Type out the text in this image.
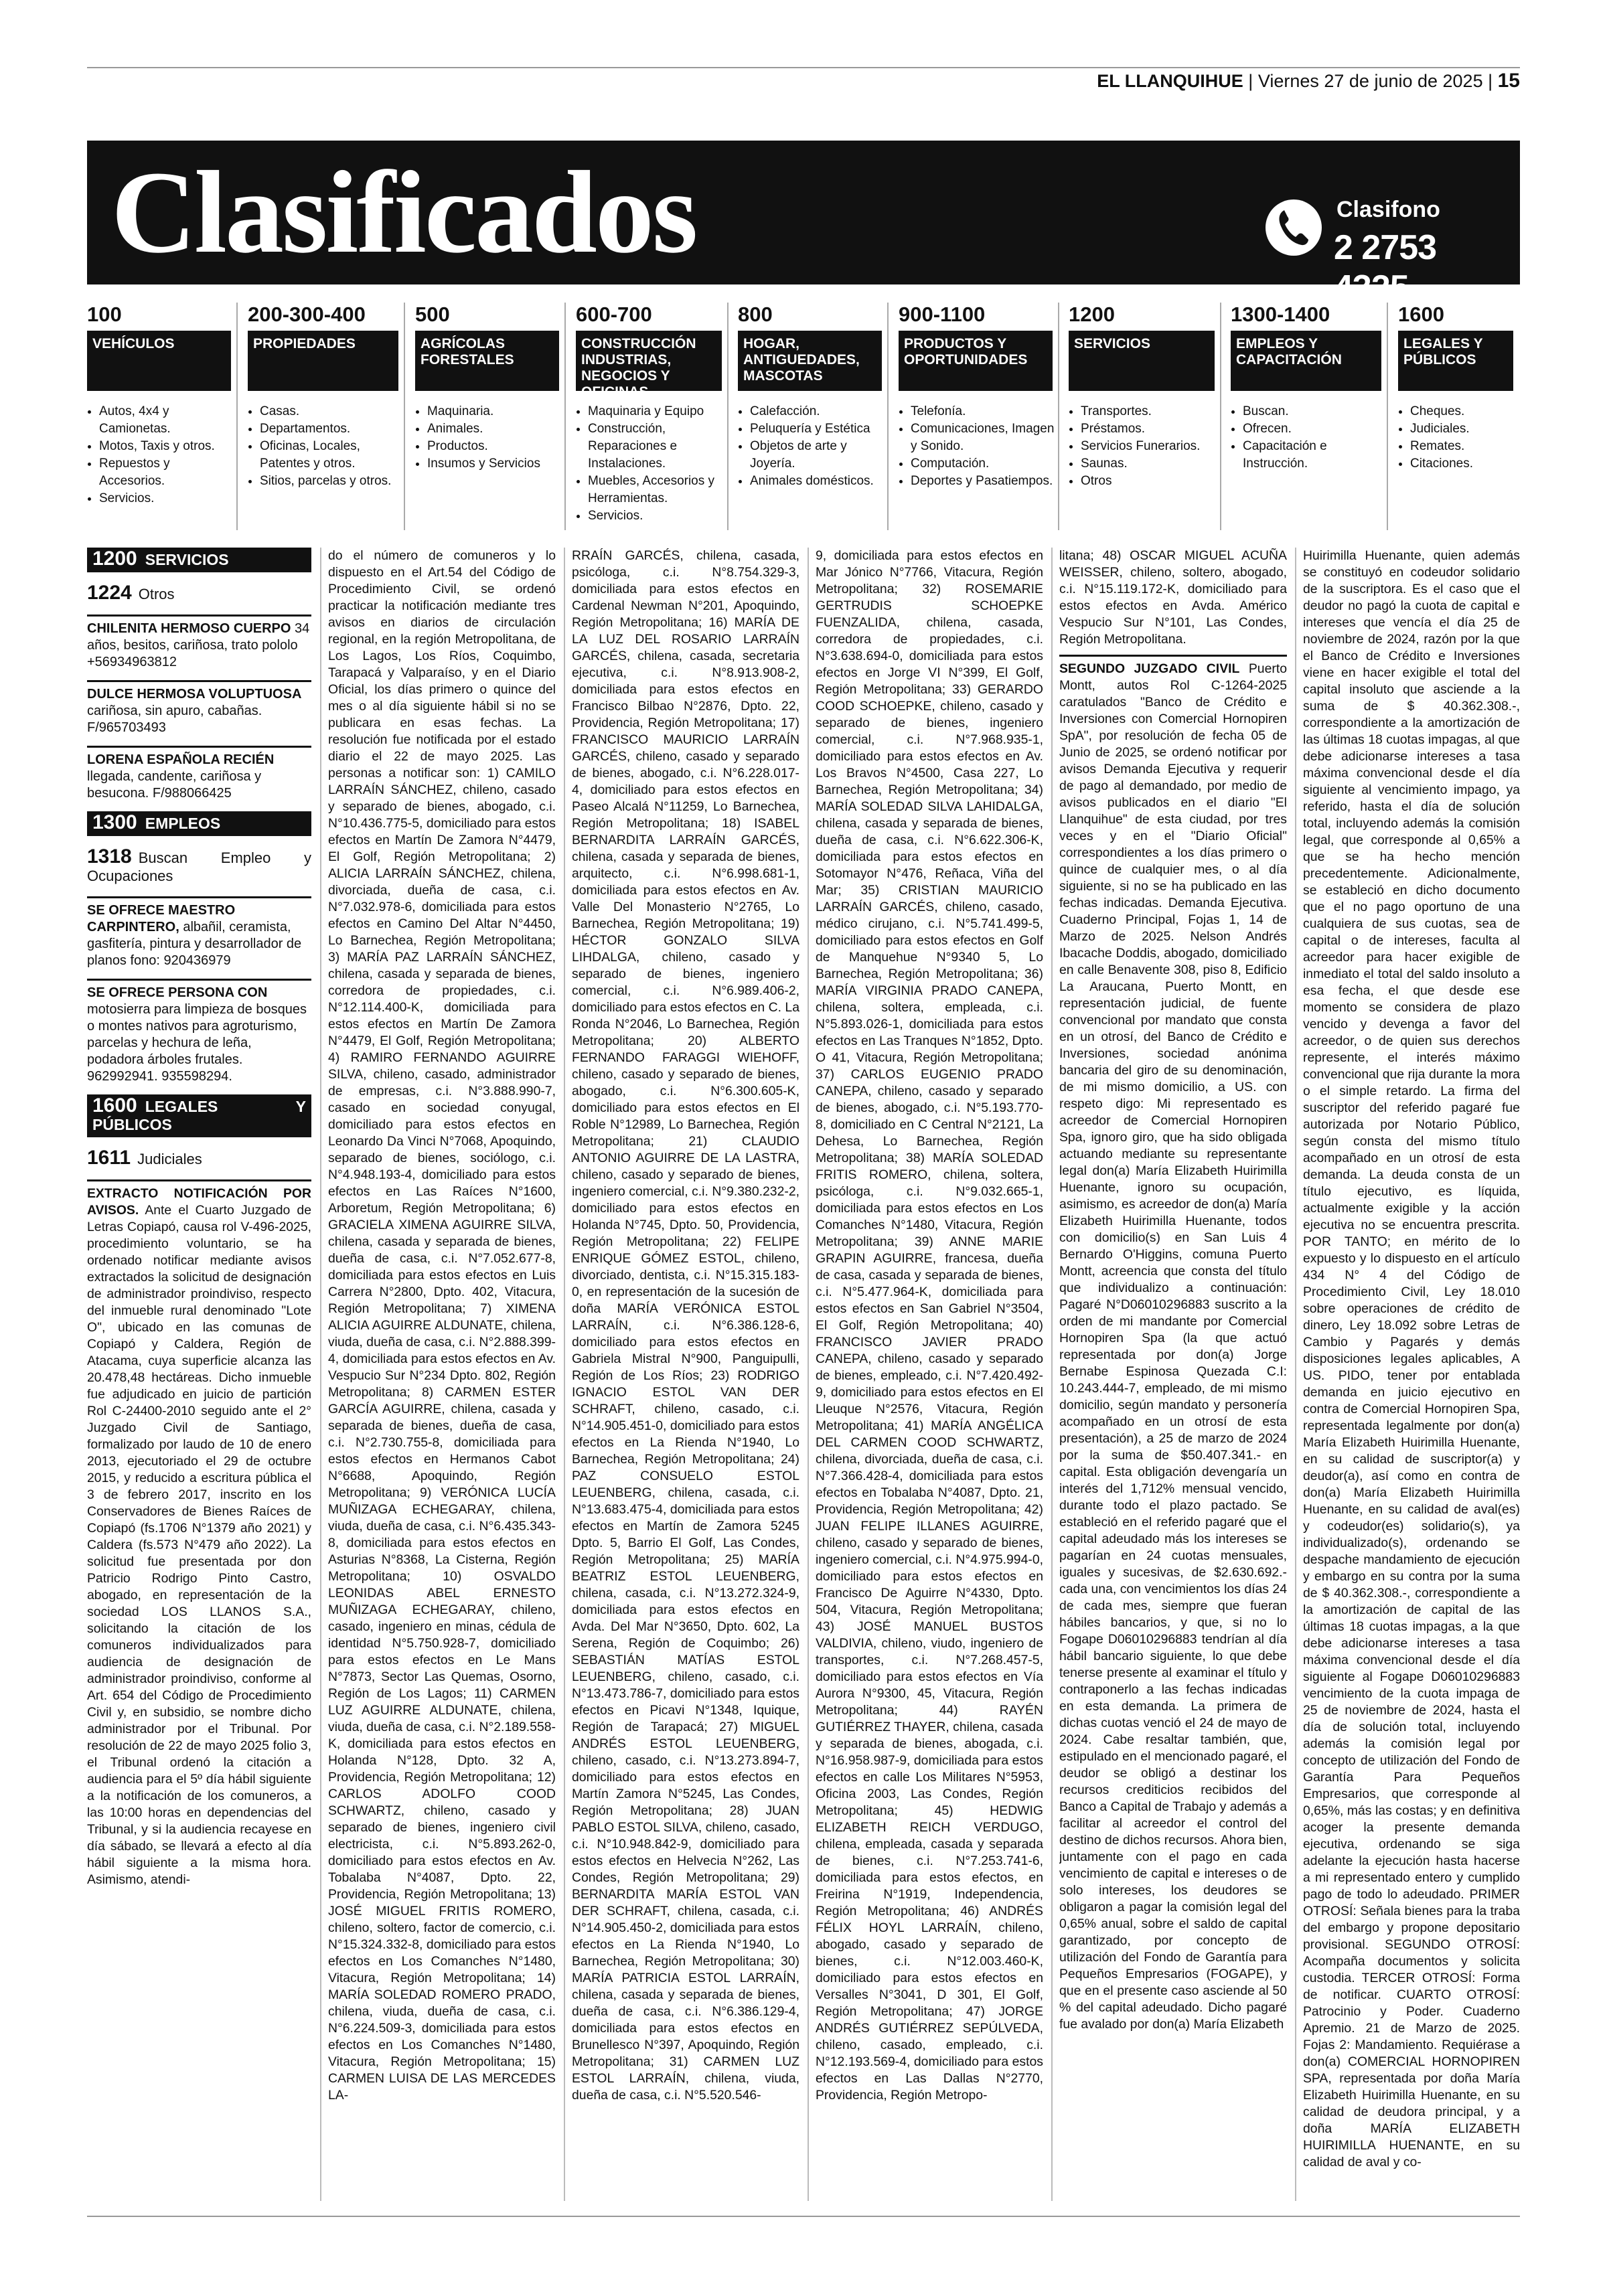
EL LLANQUIHUE | Viernes 27 de junio de 2025 | 15
Clasificados	Clasifono
2 2753 4325
100
VEHÍCULOS
• Autos, 4x4 y Camionetas.
• Motos, Taxis y otros.
• Repuestos y Accesorios.
• Servicios.
200-300-400
PROPIEDADES
• Casas.
• Departamentos.
• Oficinas, Locales, Patentes y otros.
• Sitios, parcelas y otros.
500
AGRÍCOLAS FORESTALES
• Maquinaria.
• Animales.
• Productos.
• Insumos y Servicios
600-700
CONSTRUCCIÓN INDUSTRIAS, NEGOCIOS Y OFICINAS
• Maquinaria y Equipo
• Construcción, Reparaciones e Instalaciones.
• Muebles, Accesorios y Herramientas.
• Servicios.
800
HOGAR, ANTIGUEDADES, MASCOTAS
• Calefacción.
• Peluquería y Estética
• Objetos de arte y Joyería.
• Animales domésticos.
900-1100
PRODUCTOS Y OPORTUNIDADES
• Telefonía.
• Comunicaciones, Imagen y Sonido.
• Computación.
• Deportes y Pasatiempos.
1200
SERVICIOS
• Transportes.
• Préstamos.
• Servicios Funerarios.
• Saunas.
• Otros
1300-1400
EMPLEOS Y CAPACITACIÓN
• Buscan.
• Ofrecen.
• Capacitación e Instrucción.
1600
LEGALES Y PÚBLICOS
• Cheques.
• Judiciales.
• Remates.
• Citaciones.
1200 SERVICIOS
1224 Otros
CHILENITA HERMOSO CUERPO 34 años, besitos, cariñosa, trato pololo +56934963812
DULCE HERMOSA VOLUPTUOSA cariñosa, sin apuro, cabañas. F/965703493
LORENA ESPAÑOLA RECIÉN llegada, candente, cariñosa y besucona. F/988066425
1300 EMPLEOS
1318 Buscan Empleo y Ocupaciones
SE OFRECE MAESTRO CARPINTERO, albañil, ceramista, gasfitería, pintura y desarrollador de planos fono: 920436979
SE OFRECE PERSONA CON motosierra para limpieza de bosques o montes nativos para agroturismo, parcelas y hechura de leña, podadora árboles frutales. 962992941. 935598294.
1600 LEGALES Y PÚBLICOS
1611 Judiciales
EXTRACTO NOTIFICACIÓN POR AVISOS. Ante el Cuarto Juzgado de Letras Copiapó, causa rol V-496-2025, procedimiento voluntario, se ha ordenado notificar mediante avisos extractados la solicitud de designación de administrador proindiviso, respecto del inmueble rural denominado "Lote O", ubicado en las comunas de Copiapó y Caldera, Región de Atacama, cuya superficie alcanza las 20.478,48 hectáreas. Dicho inmueble fue adjudicado en juicio de partición Rol C-24400-2010 seguido ante el 2° Juzgado Civil de Santiago, formalizado por laudo de 10 de enero 2013, ejecutoriado el 29 de octubre 2015, y reducido a escritura pública el 3 de febrero 2017, inscrito en los Conservadores de Bienes Raíces de Copiapó (fs.1706 N°1379 año 2021) y Caldera (fs.573 N°479 año 2022). La solicitud fue presentada por don Patricio Rodrigo Pinto Castro, abogado, en representación de la sociedad LOS LLANOS S.A., solicitando la citación de los comuneros individualizados para audiencia de designación de administrador proindiviso, conforme al Art. 654 del Código de Procedimiento Civil y, en subsidio, se nombre dicho administrador por el Tribunal. Por resolución de 22 de mayo 2025 folio 3, el Tribunal ordenó la citación a audiencia para el 5º día hábil siguiente a la notificación de los comuneros, a las 10:00 horas en dependencias del Tribunal, y si la audiencia recayese en día sábado, se llevará a efecto al día hábil siguiente a la misma hora. Asimismo, atendi-

do el número de comuneros y lo dispuesto en el Art.54 del Código de Procedimiento Civil, se ordenó practicar la notificación mediante tres avisos en diarios de circulación regional, en la región Metropolitana, de Los Lagos, Los Ríos, Coquimbo, Tarapacá y Valparaíso, y en el Diario Oficial, los días primero o quince del mes o al día siguiente hábil si no se publicara en esas fechas. La resolución fue notificada por el estado diario el 22 de mayo 2025. Las personas a notificar son: 1) CAMILO LARRAÍN SÁNCHEZ, chileno, casado y separado de bienes, abogado, c.i. N°10.436.775-5, domiciliado para estos efectos en Martín De Zamora N°4479, El Golf, Región Metropolitana; 2) ALICIA LARRAÍN SÁNCHEZ, chilena, divorciada, dueña de casa, c.i. N°7.032.978-6, domiciliada para estos efectos en Camino Del Altar N°4450, Lo Barnechea, Región Metropolitana; 3) MARÍA PAZ LARRAÍN SÁNCHEZ, chilena, casada y separada de bienes, corredora de propiedades, c.i. N°12.114.400-K, domiciliada para estos efectos en Martín De Zamora N°4479, El Golf, Región Metropolitana; 4) RAMIRO FERNANDO AGUIRRE SILVA, chileno, casado, administrador de empresas, c.i. N°3.888.990-7, casado en sociedad conyugal, domiciliado para estos efectos en Leonardo Da Vinci N°7068, Apoquindo, separado de bienes, sociólogo, c.i. N°4.948.193-4, domiciliado para estos efectos en Las Raíces N°1600, Arboretum, Región Metropolitana; 6) GRACIELA XIMENA AGUIRRE SILVA, chilena, casada y separada de bienes, dueña de casa, c.i. N°7.052.677-8, domiciliada para estos efectos en Luis Carrera N°2800, Dpto. 402, Vitacura, Región Metropolitana; 7) XIMENA ALICIA AGUIRRE ALDUNATE, chilena, viuda, dueña de casa, c.i. N°2.888.399-4, domiciliada para estos efectos en Av. Vespucio Sur N°234 Dpto. 802, Región Metropolitana; 8) CARMEN ESTER GARCÍA AGUIRRE, chilena, casada y separada de bienes, dueña de casa, c.i. N°2.730.755-8, domiciliada para estos efectos en Hermanos Cabot N°6688, Apoquindo, Región Metropolitana; 9) VERÓNICA LUCÍA MUÑIZAGA ECHEGARAY, chilena, viuda, dueña de casa, c.i. N°6.435.343-8, domiciliada para estos efectos en Asturias N°8368, La Cisterna, Región Metropolitana; 10) OSVALDO LEONIDAS ABEL ERNESTO MUÑIZAGA ECHEGARAY, chileno, casado, ingeniero en minas, cédula de identidad N°5.750.928-7, domiciliado para estos efectos en Le Mans N°7873, Sector Las Quemas, Osorno, Región de Los Lagos; 11) CARMEN LUZ AGUIRRE ALDUNATE, chilena, viuda, dueña de casa, c.i. N°2.189.558-K, domiciliada para estos efectos en Holanda N°128, Dpto. 32 A, Providencia, Región Metropolitana; 12) CARLOS ADOLFO COOD SCHWARTZ, chileno, casado y separado de bienes, ingeniero civil electricista, c.i. N°5.893.262-0, domiciliado para estos efectos en Av. Tobalaba N°4087, Dpto. 22, Providencia, Región Metropolitana; 13) JOSÉ MIGUEL FRITIS ROMERO, chileno, soltero, factor de comercio, c.i. N°15.324.332-8, domiciliado para estos efectos en Los Comanches N°1480, Vitacura, Región Metropolitana; 14) MARÍA SOLEDAD ROMERO PRADO, chilena, viuda, dueña de casa, c.i. N°6.224.509-3, domiciliada para estos efectos en Los Comanches N°1480, Vitacura, Región Metropolitana; 15) CARMEN LUISA DE LAS MERCEDES LA-

RRAÍN GARCÉS, chilena, casada, psicóloga, c.i. N°8.754.329-3, domiciliada para estos efectos en Cardenal Newman N°201, Apoquindo, Región Metropolitana; 16) MARÍA DE LA LUZ DEL ROSARIO LARRAÍN GARCÉS, chilena, casada, secretaria ejecutiva, c.i. N°8.913.908-2, domiciliada para estos efectos en Francisco Bilbao N°2876, Dpto. 22, Providencia, Región Metropolitana; 17) FRANCISCO MAURICIO LARRAÍN GARCÉS, chileno, casado y separado de bienes, abogado, c.i. N°6.228.017-4, domiciliado para estos efectos en Paseo Alcalá N°11259, Lo Barnechea, Región Metropolitana; 18) ISABEL BERNARDITA LARRAÍN GARCÉS, chilena, casada y separada de bienes, arquitecto, c.i. N°6.998.681-1, domiciliada para estos efectos en Av. Valle Del Monasterio N°2765, Lo Barnechea, Región Metropolitana; 19) HÉCTOR GONZALO SILVA LIHDALGA, chileno, casado y separado de bienes, ingeniero comercial, c.i. N°6.989.406-2, domiciliado para estos efectos en C. La Ronda N°2046, Lo Barnechea, Región Metropolitana; 20) ALBERTO FERNANDO FARAGGI WIEHOFF, chileno, casado y separado de bienes, abogado, c.i. N°6.300.605-K, domiciliado para estos efectos en El Roble N°12989, Lo Barnechea, Región Metropolitana; 21) CLAUDIO ANTONIO AGUIRRE DE LA LASTRA, chileno, casado y separado de bienes, ingeniero comercial, c.i. N°9.380.232-2, domiciliado para estos efectos en Holanda N°745, Dpto. 50, Providencia, Región Metropolitana; 22) FELIPE ENRIQUE GÓMEZ ESTOL, chileno, divorciado, dentista, c.i. N°15.315.183-0, en representación de la sucesión de doña MARÍA VERÓNICA ESTOL LARRAÍN, c.i. N°6.386.128-6, domiciliado para estos efectos en Gabriela Mistral N°900, Panguipulli, Región de Los Ríos; 23) RODRIGO IGNACIO ESTOL VAN DER SCHRAFT, chileno, casado, c.i. N°14.905.451-0, domiciliado para estos efectos en La Rienda N°1940, Lo Barnechea, Región Metropolitana; 24) PAZ CONSUELO ESTOL LEUENBERG, chilena, casada, c.i. N°13.683.475-4, domiciliada para estos efectos en Martín de Zamora 5245 Dpto. 5, Barrio El Golf, Las Condes, Región Metropolitana; 25) MARÍA BEATRIZ ESTOL LEUENBERG, chilena, casada, c.i. N°13.272.324-9, domiciliada para estos efectos en Avda. Del Mar N°3650, Dpto. 602, La Serena, Región de Coquimbo; 26) SEBASTIÁN MATÍAS ESTOL LEUENBERG, chileno, casado, c.i. N°13.473.786-7, domiciliado para estos efectos en Picavi N°1348, Iquique, Región de Tarapacá; 27) MIGUEL ANDRÉS ESTOL LEUENBERG, chileno, casado, c.i. N°13.273.894-7, domiciliado para estos efectos en Martín Zamora N°5245, Las Condes, Región Metropolitana; 28) JUAN PABLO ESTOL SILVA, chileno, casado, c.i. N°10.948.842-9, domiciliado para estos efectos en Helvecia N°262, Las Condes, Región Metropolitana; 29) BERNARDITA MARÍA ESTOL VAN DER SCHRAFT, chilena, casada, c.i. N°14.905.450-2, domiciliada para estos efectos en La Rienda N°1940, Lo Barnechea, Región Metropolitana; 30) MARÍA PATRICIA ESTOL LARRAÍN, chilena, casada y separada de bienes, dueña de casa, c.i. N°6.386.129-4, domiciliada para estos efectos en Brunellesco N°397, Apoquindo, Región Metropolitana; 31) CARMEN LUZ ESTOL LARRAÍN, chilena, viuda, dueña de casa, c.i. N°5.520.546-

9, domiciliada para estos efectos en Mar Jónico N°7766, Vitacura, Región Metropolitana; 32) ROSEMARIE GERTRUDIS SCHOEPKE FUENZALIDA, chilena, casada, corredora de propiedades, c.i. N°3.638.694-0, domiciliada para estos efectos en Jorge VI N°399, El Golf, Región Metropolitana; 33) GERARDO COOD SCHOEPKE, chileno, casado y separado de bienes, ingeniero comercial, c.i. N°7.968.935-1, domiciliado para estos efectos en Av. Los Bravos N°4500, Casa 227, Lo Barnechea, Región Metropolitana; 34) MARÍA SOLEDAD SILVA LAHIDALGA, chilena, casada y separada de bienes, dueña de casa, c.i. N°6.622.306-K, domiciliada para estos efectos en Sotomayor N°476, Reñaca, Viña del Mar; 35) CRISTIAN MAURICIO LARRAÍN GARCÉS, chileno, casado, médico cirujano, c.i. N°5.741.499-5, domiciliado para estos efectos en Golf de Manquehue N°9340 5, Lo Barnechea, Región Metropolitana; 36) MARÍA VIRGINIA PRADO CANEPA, chilena, soltera, empleada, c.i. N°5.893.026-1, domiciliada para estos efectos en Las Tranques N°1852, Dpto. O 41, Vitacura, Región Metropolitana; 37) CARLOS EUGENIO PRADO CANEPA, chileno, casado y separado de bienes, abogado, c.i. N°5.193.770-8, domiciliado en C Central N°2121, La Dehesa, Lo Barnechea, Región Metropolitana; 38) MARÍA SOLEDAD FRITIS ROMERO, chilena, soltera, psicóloga, c.i. N°9.032.665-1, domiciliada para estos efectos en Los Comanches N°1480, Vitacura, Región Metropolitana; 39) ANNE MARIE GRAPIN AGUIRRE, francesa, dueña de casa, casada y separada de bienes, c.i. N°5.477.964-K, domiciliada para estos efectos en San Gabriel N°3504, El Golf, Región Metropolitana; 40) FRANCISCO JAVIER PRADO CANEPA, chileno, casado y separado de bienes, empleado, c.i. N°7.420.492-9, domiciliado para estos efectos en El Lleuque N°2576, Vitacura, Región Metropolitana; 41) MARÍA ANGÉLICA DEL CARMEN COOD SCHWARTZ, chilena, divorciada, dueña de casa, c.i. N°7.366.428-4, domiciliada para estos efectos en Tobalaba N°4087, Dpto. 21, Providencia, Región Metropolitana; 42) JUAN FELIPE ILLANES AGUIRRE, chileno, casado y separado de bienes, ingeniero comercial, c.i. N°4.975.994-0, domiciliado para estos efectos en Francisco De Aguirre N°4330, Dpto. 504, Vitacura, Región Metropolitana; 43) JOSÉ MANUEL BUSTOS VALDIVIA, chileno, viudo, ingeniero de transportes, c.i. N°7.268.457-5, domiciliado para estos efectos en Vía Aurora N°9300, 45, Vitacura, Región Metropolitana; 44) RAYÉN GUTIÉRREZ THAYER, chilena, casada y separada de bienes, abogada, c.i. N°16.958.987-9, domiciliada para estos efectos en calle Los Militares N°5953, Oficina 2003, Las Condes, Región Metropolitana; 45) HEDWIG ELIZABETH REICH VERDUGO, chilena, empleada, casada y separada de bienes, c.i. N°7.253.741-6, domiciliada para estos efectos, en Freirina N°1919, Independencia, Región Metropolitana; 46) ANDRÉS FÉLIX HOYL LARRAÍN, chileno, abogado, casado y separado de bienes, c.i. N°12.003.460-K, domiciliado para estos efectos en Versalles N°3041, D 301, El Golf, Región Metropolitana; 47) JORGE ANDRÉS GUTIÉRREZ SEPÚLVEDA, chileno, casado, empleado, c.i. N°12.193.569-4, domiciliado para estos efectos en Las Dallas N°2770, Providencia, Región Metropo-

litana; 48) OSCAR MIGUEL ACUÑA WEISSER, chileno, soltero, abogado, c.i. N°15.119.172-K, domiciliado para estos efectos en Avda. Américo Vespucio Sur N°101, Las Condes, Región Metropolitana.

SEGUNDO JUZGADO CIVIL Puerto Montt, autos Rol C-1264-2025 caratulados "Banco de Crédito e Inversiones con Comercial Hornopiren SpA", por resolución de fecha 05 de Junio de 2025, se ordenó notificar por avisos Demanda Ejecutiva y requerir de pago al demandado, por medio de avisos publicados en el diario "El Llanquihue" de esta ciudad, por tres veces y en el "Diario Oficial" correspondientes a los días primero o quince de cualquier mes, o al día siguiente, si no se ha publicado en las fechas indicadas. Demanda Ejecutiva. Cuaderno Principal, Fojas 1, 14 de Marzo de 2025. Nelson Andrés Ibacache Doddis, abogado, domiciliado en calle Benavente 308, piso 8, Edificio La Araucana, Puerto Montt, en representación judicial, de fuente convencional por mandato que consta en un otrosí, del Banco de Crédito e Inversiones, sociedad anónima bancaria del giro de su denominación, de mi mismo domicilio, a US. con respeto digo: Mi representado es acreedor de Comercial Hornopiren Spa, ignoro giro, que ha sido obligada actuando mediante su representante legal don(a) María Elizabeth Huirimilla Huenante, ignoro su ocupación, asimismo, es acreedor de don(a) María Elizabeth Huirimilla Huenante, todos con domicilio(s) en San Luis 4 Bernardo O'Higgins, comuna Puerto Montt, acreencia que consta del título que individualizo a continuación: Pagaré N°D06010296883 suscrito a la orden de mi mandante por Comercial Hornopiren Spa (la que actuó representada por don(a) Jorge Bernabe Espinosa Quezada C.I: 10.243.444-7, empleado, de mi mismo domicilio, según mandato y personería acompañado en un otrosí de esta presentación), a 25 de marzo de 2024 por la suma de $50.407.341.- en capital. Esta obligación devengaría un interés del 1,712% mensual vencido, durante todo el plazo pactado. Se estableció en el referido pagaré que el capital adeudado más los intereses se pagarían en 24 cuotas mensuales, iguales y sucesivas, de $2.630.692.- cada una, con vencimientos los días 24 de cada mes, siempre que fueran hábiles bancarios, y que, si no lo Fogape D06010296883 tendrían al día hábil bancario siguiente, lo que debe tenerse presente al examinar el título y contraponerlo a las fechas indicadas en esta demanda. La primera de dichas cuotas venció el 24 de mayo de 2024. Cabe resaltar también, que, estipulado en el mencionado pagaré, el deudor se obligó a destinar los recursos crediticios recibidos del Banco a Capital de Trabajo y además a facilitar al acreedor el control del destino de dichos recursos. Ahora bien, juntamente con el pago en cada vencimiento de capital e intereses o de solo intereses, los deudores se obligaron a pagar la comisión legal del 0,65% anual, sobre el saldo de capital garantizado, por concepto de utilización del Fondo de Garantía para Pequeños Empresarios (FOGAPE), y que en el presente caso asciende al 50 % del capital adeudado. Dicho pagaré fue avalado por don(a) María Elizabeth

Huirimilla Huenante, quien además se constituyó en codeudor solidario de la suscriptora. Es el caso que el deudor no pagó la cuota de capital e intereses que vencía el día 25 de noviembre de 2024, razón por la que el Banco de Crédito e Inversiones viene en hacer exigible el total del capital insoluto que asciende a la suma de $ 40.362.308.-, correspondiente a la amortización de las últimas 18 cuotas impagas, al que debe adicionarse intereses a tasa máxima convencional desde el día siguiente al vencimiento impago, ya referido, hasta el día de solución total, incluyendo además la comisión legal, que corresponde al 0,65% a que se ha hecho mención precedentemente. Adicionalmente, se estableció en dicho documento que el no pago oportuno de una cualquiera de sus cuotas, sea de capital o de intereses, faculta al acreedor para hacer exigible de inmediato el total del saldo insoluto a esa fecha, el que desde ese momento se considera de plazo vencido y devenga a favor del acreedor, o de quien sus derechos represente, el interés máximo convencional que rija durante la mora o el simple retardo. La firma del suscriptor del referido pagaré fue autorizada por Notario Público, según consta del mismo título acompañado en un otrosí de esta demanda. La deuda consta de un título ejecutivo, es líquida, actualmente exigible y la acción ejecutiva no se encuentra prescrita. POR TANTO; en mérito de lo expuesto y lo dispuesto en el artículo 434 N° 4 del Código de Procedimiento Civil, Ley 18.010 sobre operaciones de crédito de dinero, Ley 18.092 sobre Letras de Cambio y Pagarés y demás disposiciones legales aplicables, A US. PIDO, tener por entablada demanda en juicio ejecutivo en contra de Comercial Hornopiren Spa, representada legalmente por don(a) María Elizabeth Huirimilla Huenante, en su calidad de suscriptor(a) y deudor(a), así como en contra de don(a) María Elizabeth Huirimilla Huenante, en su calidad de aval(es) y codeudor(es) solidario(s), ya individualizado(s), ordenando se despache mandamiento de ejecución y embargo en su contra por la suma de $ 40.362.308.-, correspondiente a la amortización de capital de las últimas 18 cuotas impagas, a la que debe adicionarse intereses a tasa máxima convencional desde el día siguiente al Fogape D06010296883 vencimiento de la cuota impaga de 25 de noviembre de 2024, hasta el día de solución total, incluyendo además la comisión legal por concepto de utilización del Fondo de Garantía Para Pequeños Empresarios, que corresponde al 0,65%, más las costas; y en definitiva acoger la presente demanda ejecutiva, ordenando se siga adelante la ejecución hasta hacerse a mi representado entero y cumplido pago de todo lo adeudado. PRIMER OTROSÍ: Señala bienes para la traba del embargo y propone depositario provisional. SEGUNDO OTROSÍ: Acompaña documentos y solicita custodia. TERCER OTROSÍ: Forma de notificar. CUARTO OTROSÍ: Patrocinio y Poder. Cuaderno Apremio. 21 de Marzo de 2025. Fojas 2: Mandamiento. Requiérase a don(a) COMERCIAL HORNOPIREN SPA, representada por doña María Elizabeth Huirimilla Huenante, en su calidad de deudora principal, y a doña MARÍA ELIZABETH HUIRIMILLA HUENANTE, en su calidad de aval y co-
